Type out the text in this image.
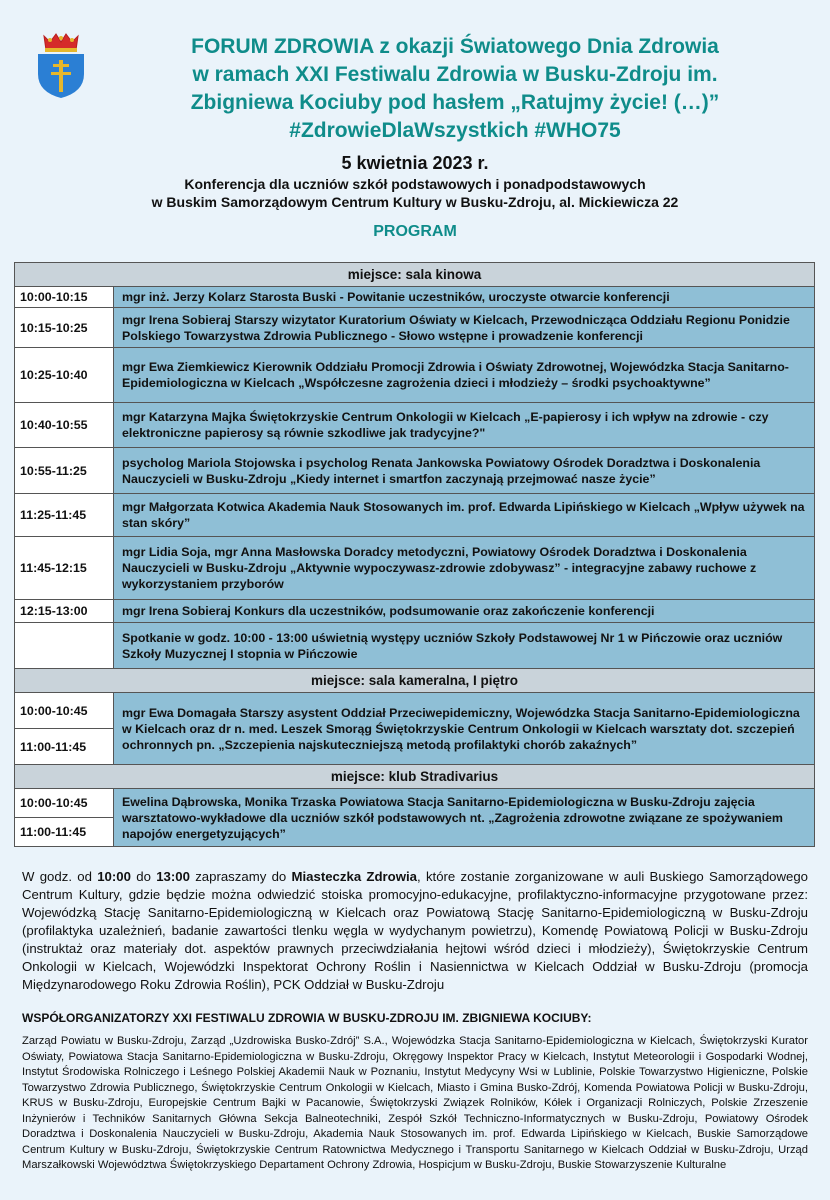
FORUM ZDROWIA z okazji Światowego Dnia Zdrowia
w ramach XXI Festiwalu Zdrowia w Busku-Zdroju im.
Zbigniewa Kociuby pod hasłem „Ratujmy życie! (…)”
#ZdrowieDlaWszystkich #WHO75
5 kwietnia 2023 r.
Konferencja dla uczniów szkół podstawowych i ponadpodstawowych
w Buskim Samorządowym Centrum Kultury w Busku-Zdroju, al. Mickiewicza 22
PROGRAM
miejsce: sala kinowa	
10:00-10:15	mgr inż. Jerzy Kolarz Starosta Buski - Powitanie uczestników, uroczyste otwarcie konferencji
10:15-10:25	mgr Irena Sobieraj Starszy wizytator Kuratorium Oświaty w Kielcach, Przewodnicząca Oddziału Regionu Ponidzie Polskiego Towarzystwa Zdrowia Publicznego - Słowo wstępne i prowadzenie konferencji
10:25-10:40	mgr Ewa Ziemkiewicz Kierownik Oddziału Promocji Zdrowia i Oświaty Zdrowotnej, Wojewódzka Stacja Sanitarno-Epidemiologiczna w Kielcach „Współczesne zagrożenia dzieci i młodzieży – środki psychoaktywne”
10:40-10:55	mgr Katarzyna Majka Świętokrzyskie Centrum Onkologii w Kielcach „E-papierosy i ich wpływ na zdrowie - czy elektroniczne papierosy są równie szkodliwe jak tradycyjne?"
10:55-11:25	psycholog Mariola Stojowska i psycholog Renata Jankowska Powiatowy Ośrodek Doradztwa i Doskonalenia Nauczycieli w Busku-Zdroju „Kiedy internet i smartfon zaczynają przejmować nasze życie”
11:25-11:45	mgr Małgorzata Kotwica Akademia Nauk Stosowanych im. prof. Edwarda Lipińskiego w Kielcach „Wpływ używek na stan skóry”
11:45-12:15	mgr Lidia Soja, mgr Anna Masłowska Doradcy metodyczni, Powiatowy Ośrodek Doradztwa i Doskonalenia Nauczycieli w Busku-Zdroju „Aktywnie wypoczywasz-zdrowie zdobywasz” - integracyjne zabawy ruchowe z wykorzystaniem przyborów
12:15-13:00	mgr Irena Sobieraj Konkurs dla uczestników, podsumowanie oraz zakończenie konferencji
	Spotkanie w godz. 10:00 - 13:00 uświetnią występy uczniów Szkoły Podstawowej Nr 1 w Pińczowie oraz uczniów Szkoły Muzycznej I stopnia w Pińczowie
miejsce: sala kameralna, I piętro	
10:00-10:45	mgr Ewa Domagała Starszy asystent Oddział Przeciwepidemiczny, Wojewódzka Stacja Sanitarno-Epidemiologiczna w Kielcach oraz dr n. med. Leszek Smorąg Świętokrzyskie Centrum Onkologii w Kielcach warsztaty dot. szczepień ochronnych pn. „Szczepienia najskuteczniejszą metodą profilaktyki chorób zakaźnych”
11:00-11:45	
miejsce: klub Stradivarius	
10:00-10:45	Ewelina Dąbrowska, Monika Trzaska Powiatowa Stacja Sanitarno-Epidemiologiczna w Busku-Zdroju zajęcia warsztatowo-wykładowe dla uczniów szkół podstawowych nt. „Zagrożenia zdrowotne związane ze spożywaniem napojów energetyzujących”
11:00-11:45	
W godz. od 10:00 do 13:00 zapraszamy do Miasteczka Zdrowia, które zostanie zorganizowane w auli Buskiego Samorządowego Centrum Kultury, gdzie będzie można odwiedzić stoiska promocyjno-edukacyjne, profilaktyczno-informacyjne przygotowane przez: Wojewódzką Stację Sanitarno-Epidemiologiczną w Kielcach oraz Powiatową Stację Sanitarno-Epidemiologiczną w Busku-Zdroju (profilaktyka uzależnień, badanie zawartości tlenku węgla w wydychanym powietrzu), Komendę Powiatową Policji w Busku-Zdroju (instruktaż oraz materiały dot. aspektów prawnych przeciwdziałania hejtowi wśród dzieci i młodzieży), Świętokrzyskie Centrum Onkologii w Kielcach, Wojewódzki Inspektorat Ochrony Roślin i Nasiennictwa w Kielcach Oddział w Busku-Zdroju (promocja Międzynarodowego Roku Zdrowia Roślin), PCK Oddział w Busku-Zdroju
WSPÓŁORGANIZATORZY XXI FESTIWALU ZDROWIA W BUSKU-ZDROJU IM. ZBIGNIEWA KOCIUBY:
Zarząd Powiatu w Busku-Zdroju, Zarząd „Uzdrowiska Busko-Zdrój” S.A., Wojewódzka Stacja Sanitarno-Epidemiologiczna w Kielcach, Świętokrzyski Kurator Oświaty, Powiatowa Stacja Sanitarno-Epidemiologiczna w Busku-Zdroju, Okręgowy Inspektor Pracy w Kielcach, Instytut Meteorologii i Gospodarki Wodnej, Instytut Środowiska Rolniczego i Leśnego Polskiej Akademii Nauk w Poznaniu, Instytut Medycyny Wsi w Lublinie, Polskie Towarzystwo Higieniczne, Polskie Towarzystwo Zdrowia Publicznego, Świętokrzyskie Centrum Onkologii w Kielcach, Miasto i Gmina Busko-Zdrój, Komenda Powiatowa Policji w Busku-Zdroju, KRUS w Busku-Zdroju, Europejskie Centrum Bajki w Pacanowie, Świętokrzyski Związek Rolników, Kółek i Organizacji Rolniczych, Polskie Zrzeszenie Inżynierów i Techników Sanitarnych Główna Sekcja Balneotechniki, Zespół Szkół Techniczno-Informatycznych w Busku-Zdroju, Powiatowy Ośrodek Doradztwa i Doskonalenia Nauczycieli w Busku-Zdroju, Akademia Nauk Stosowanych im. prof. Edwarda Lipińskiego w Kielcach, Buskie Samorządowe Centrum Kultury w Busku-Zdroju, Świętokrzyskie Centrum Ratownictwa Medycznego i Transportu Sanitarnego w Kielcach Oddział w Busku-Zdroju, Urząd Marszałkowski Województwa Świętokrzyskiego Departament Ochrony Zdrowia, Hospicjum w Busku-Zdroju, Buskie Stowarzyszenie Kulturalne
